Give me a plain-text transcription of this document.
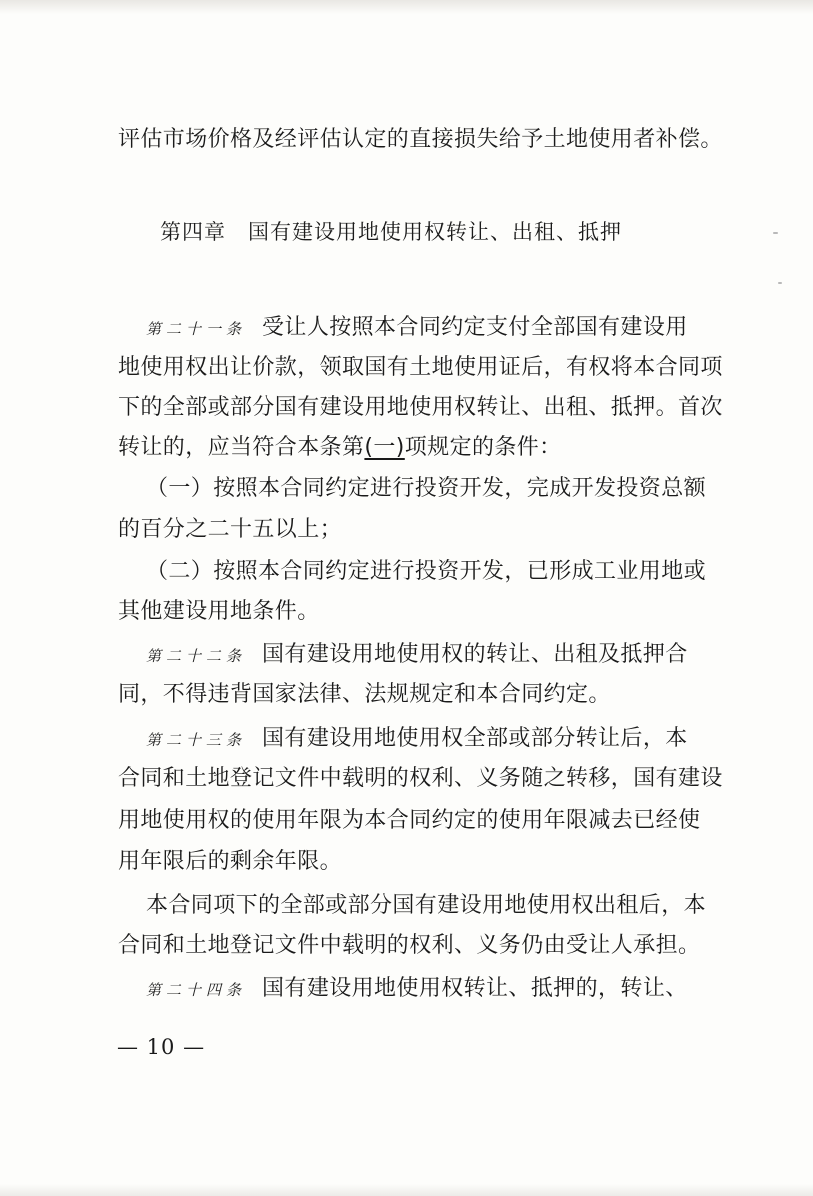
评估市场价格及经评估认定的直接损失给予土地使用者补偿。
第四章　国有建设用地使用权转让、出租、抵押
第二十一条 受让人按照本合同约定支付全部国有建设用
地使用权出让价款，领取国有土地使用证后，有权将本合同项
下的全部或部分国有建设用地使用权转让、出租、抵押。首次
转让的，应当符合本条第(一)项规定的条件：
（一）按照本合同约定进行投资开发，完成开发投资总额
的百分之二十五以上；
（二）按照本合同约定进行投资开发，已形成工业用地或
其他建设用地条件。
第二十二条 国有建设用地使用权的转让、出租及抵押合
同，不得违背国家法律、法规规定和本合同约定。
第二十三条 国有建设用地使用权全部或部分转让后，本
合同和土地登记文件中载明的权利、义务随之转移，国有建设
用地使用权的使用年限为本合同约定的使用年限减去已经使
用年限后的剩余年限。
本合同项下的全部或部分国有建设用地使用权出租后，本
合同和土地登记文件中载明的权利、义务仍由受让人承担。
第二十四条 国有建设用地使用权转让、抵押的，转让、
— 10 —
